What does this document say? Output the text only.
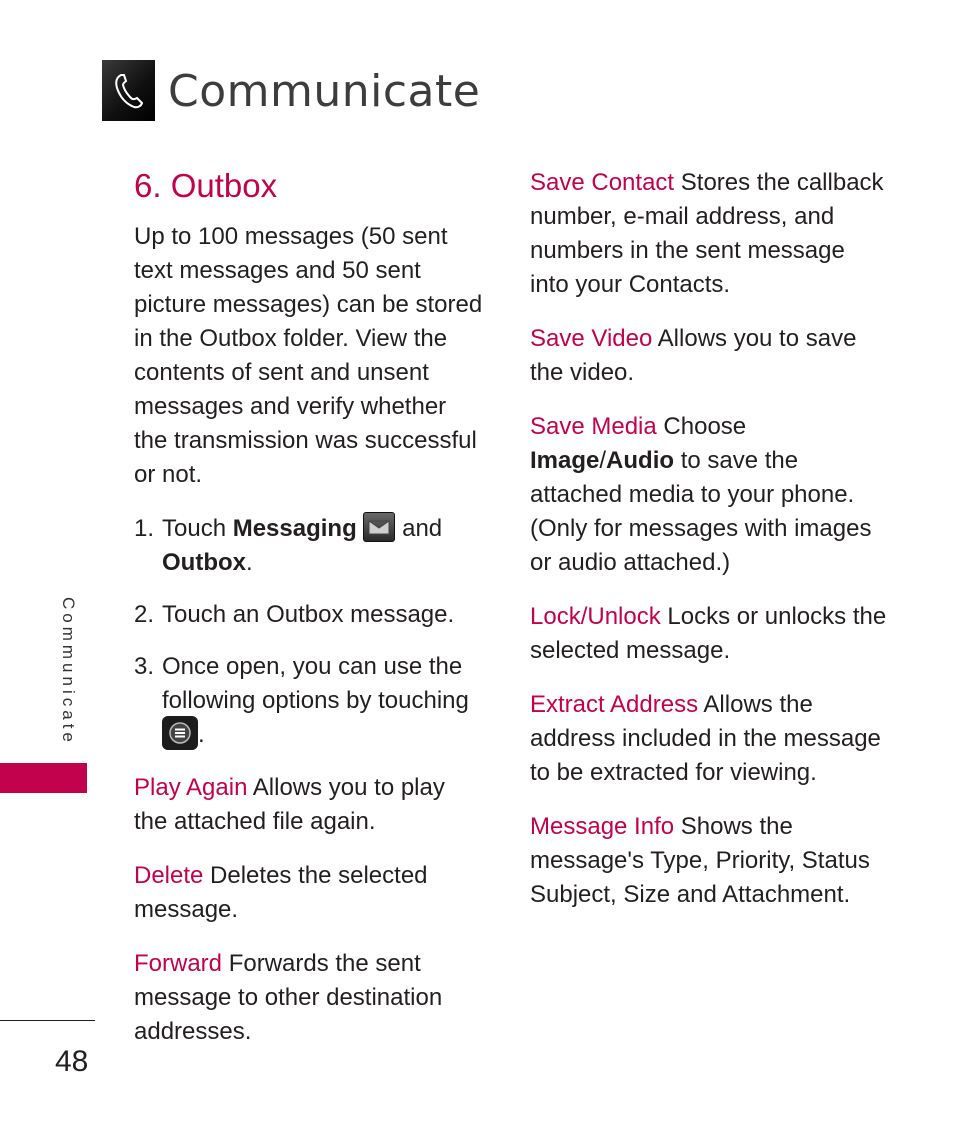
Communicate
Communicate
48
6. Outbox

Up to 100 messages (50 sent text messages and 50 sent picture messages) can be stored in the Outbox folder. View the contents of sent and unsent messages and verify whether the transmission was successful or not.

1. Touch Messaging  and
Outbox.
2. Touch an Outbox message.
3. Once open, you can use the following options by touching

.

Play Again Allows you to play the attached file again.

Delete Deletes the selected message.

Forward Forwards the sent message to other destination addresses.

Save Contact Stores the callback number, e-mail address, and numbers in the sent message into your Contacts.

Save Video Allows you to save the video.

Save Media Choose Image/Audio to save the attached media to your phone. (Only for messages with images or audio attached.)

Lock/Unlock Locks or unlocks the selected message.

Extract Address Allows the address included in the message to be extracted for viewing.

Message Info Shows the message's Type, Priority, Status Subject, Size and Attachment.
